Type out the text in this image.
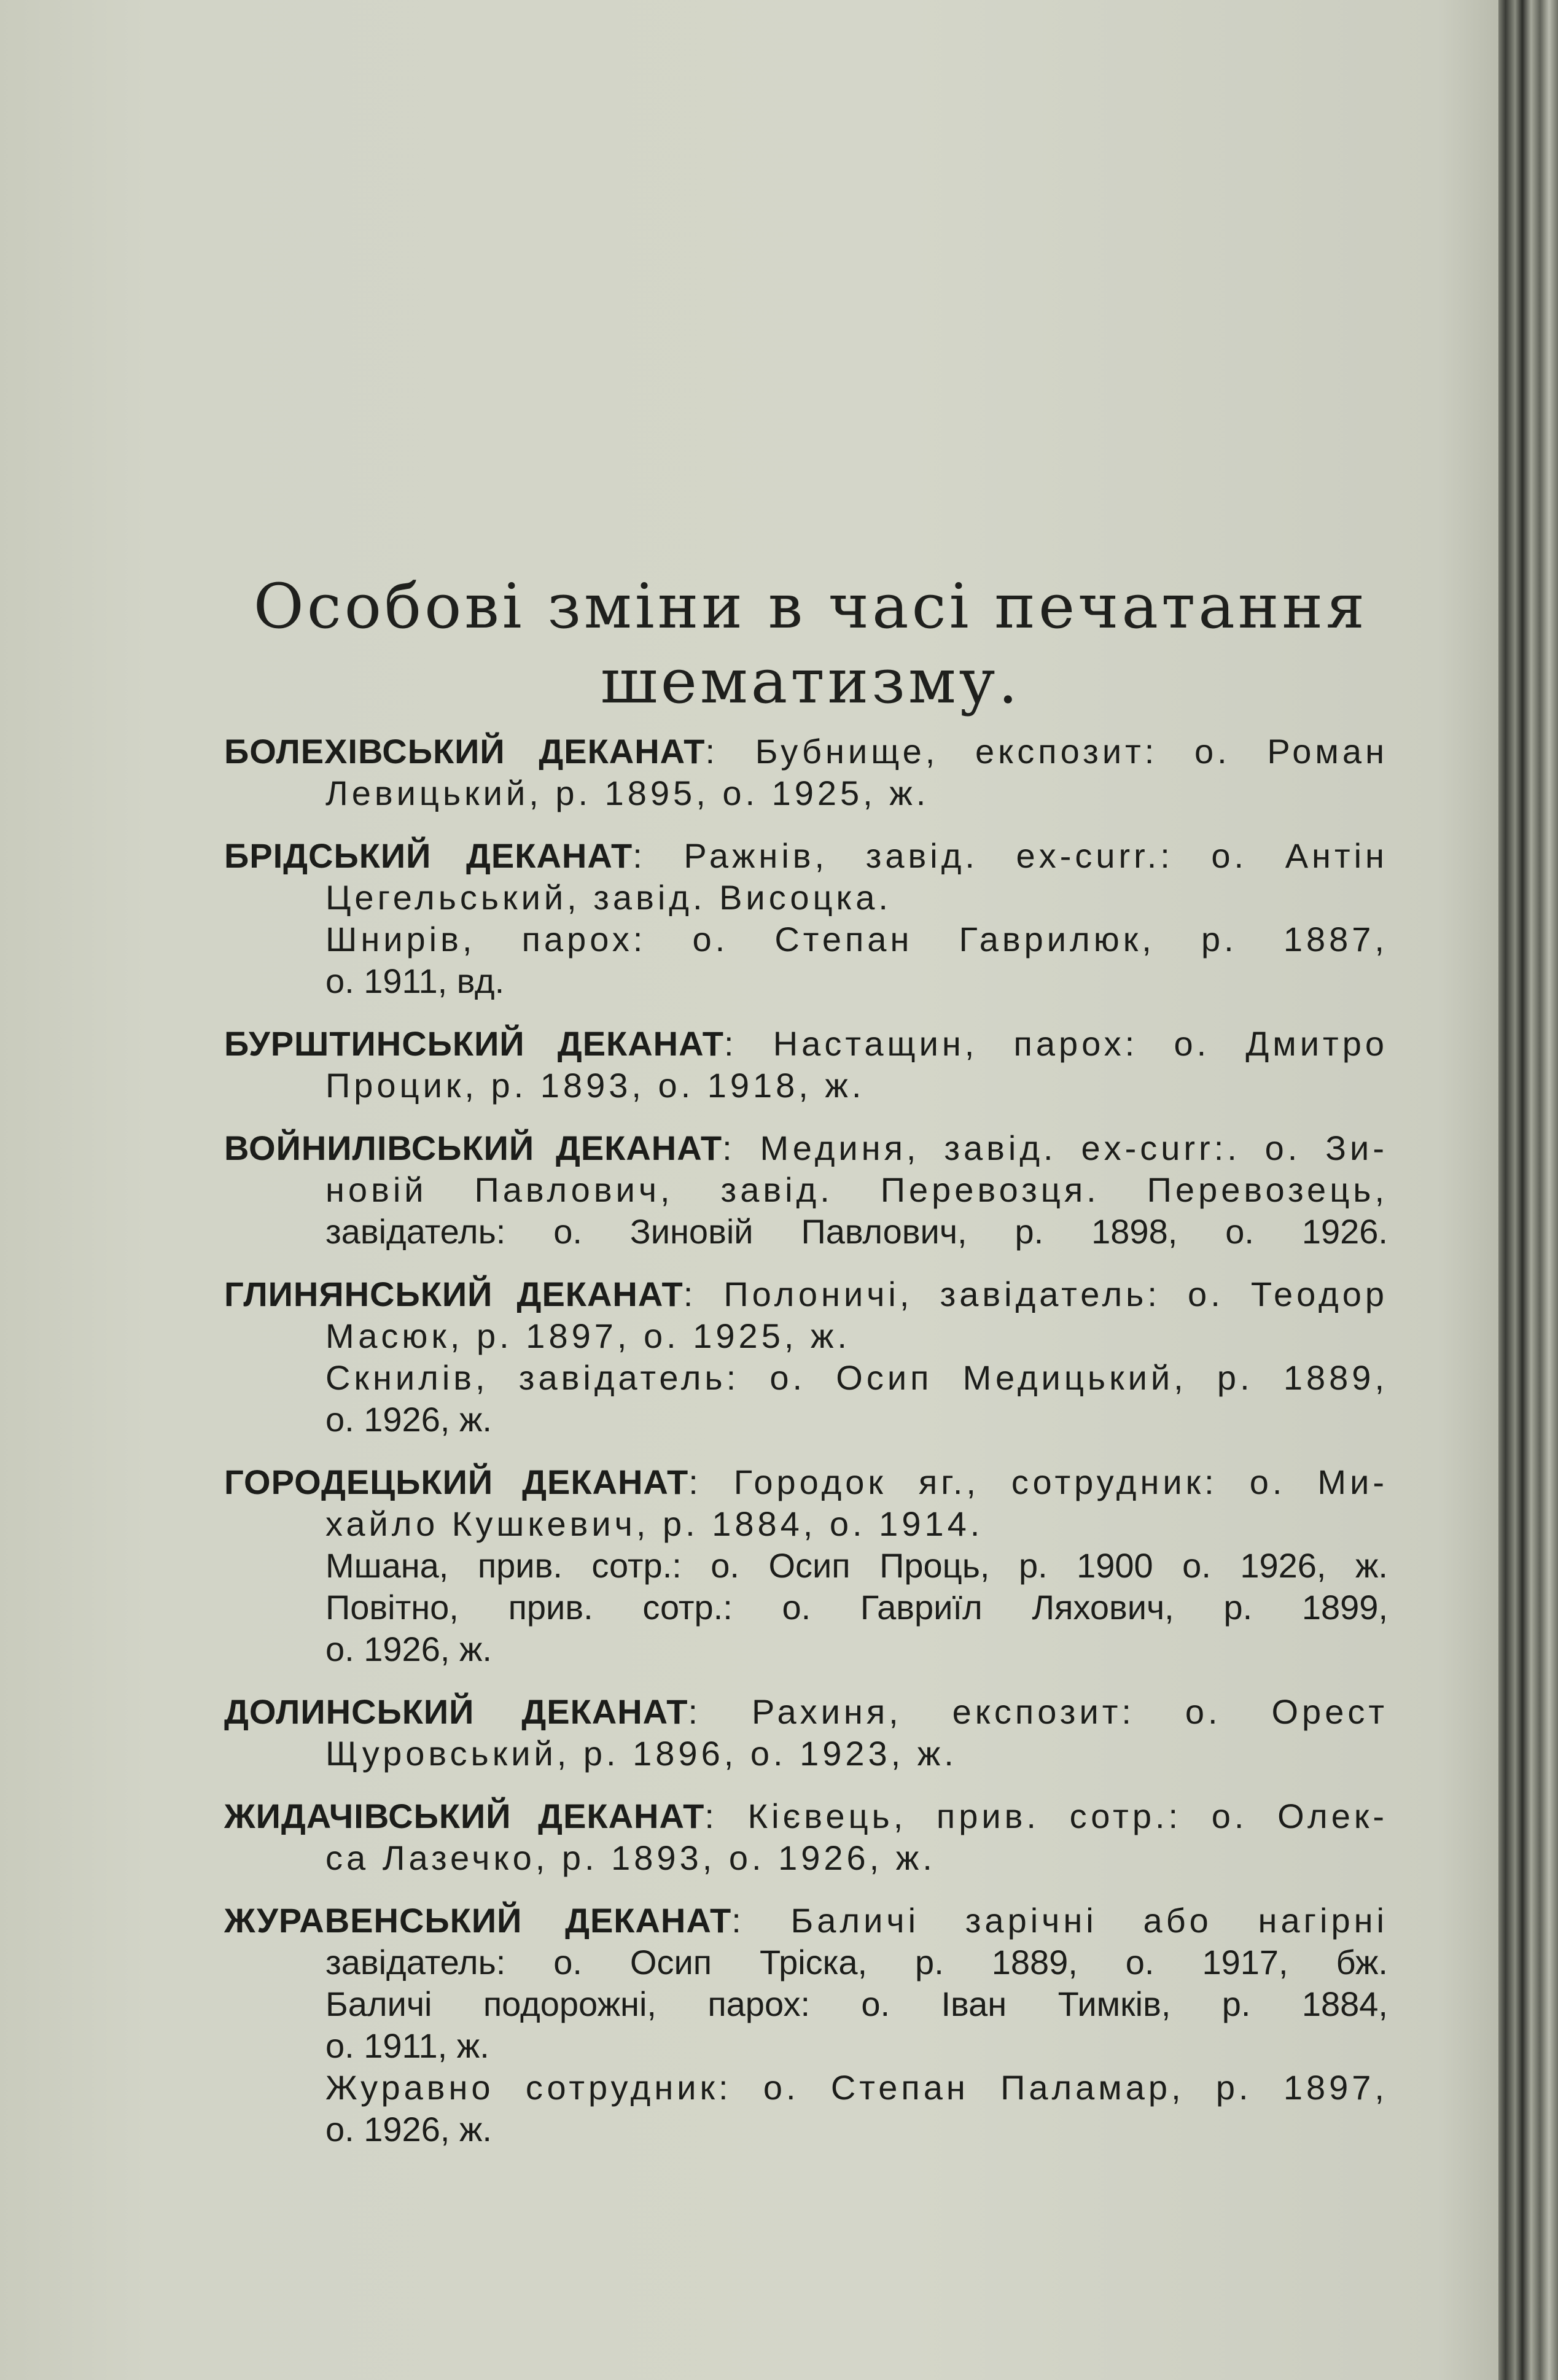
Особові зміни в часі печатання
шематизму.
БОЛЕХІВСЬКИЙ ДЕКАНАТ: Бубнище, експозит: о. Роман
Левицький, р. 1895, о. 1925, ж.
БРІДСЬКИЙ ДЕКАНАТ: Ражнів, завід. ex-curr.: о. Антін
Цегельський, завід. Висоцка.
Шнирів, парох: о. Степан Гаврилюк, р. 1887,
о. 1911, вд.
БУРШТИНСЬКИЙ ДЕКАНАТ: Настащин, парох: о. Дмитро
Процик, р. 1893, о. 1918, ж.
ВОЙНИЛІВСЬКИЙ ДЕКАНАТ: Мединя, завід. ex-curr:. о. Зи-
новій Павлович, завід. Перевозця. Перевозець,
завідатель: о. Зиновій Павлович, р. 1898, о. 1926.
ГЛИНЯНСЬКИЙ ДЕКАНАТ: Полоничі, завідатель: о. Теодор
Масюк, р. 1897, о. 1925, ж.
Скнилів, завідатель: о. Осип Медицький, р. 1889,
о. 1926, ж.
ГОРОДЕЦЬКИЙ ДЕКАНАТ: Городок яг., сотрудник: о. Ми-
хайло Кушкевич, р. 1884, о. 1914.
Мшана, прив. сотр.: о. Осип Проць, р. 1900 о. 1926, ж.
Повітно, прив. сотр.: о. Гавриїл Ляхович, р. 1899,
о. 1926, ж.
ДОЛИНСЬКИЙ ДЕКАНАТ: Рахиня, експозит: о. Орест
Щуровський, р. 1896, о. 1923, ж.
ЖИДАЧІВСЬКИЙ ДЕКАНАТ: Кієвець, прив. сотр.: о. Олек-
са Лазечко, р. 1893, о. 1926, ж.
ЖУРАВЕНСЬКИЙ ДЕКАНАТ: Баличі зарічні або нагірні
завідатель: о. Осип Тріска, р. 1889, о. 1917, бж.
Баличі подорожні, парох: о. Іван Тимків, р. 1884,
о. 1911, ж.
Журавно сотрудник: о. Степан Паламар, р. 1897,
о. 1926, ж.
